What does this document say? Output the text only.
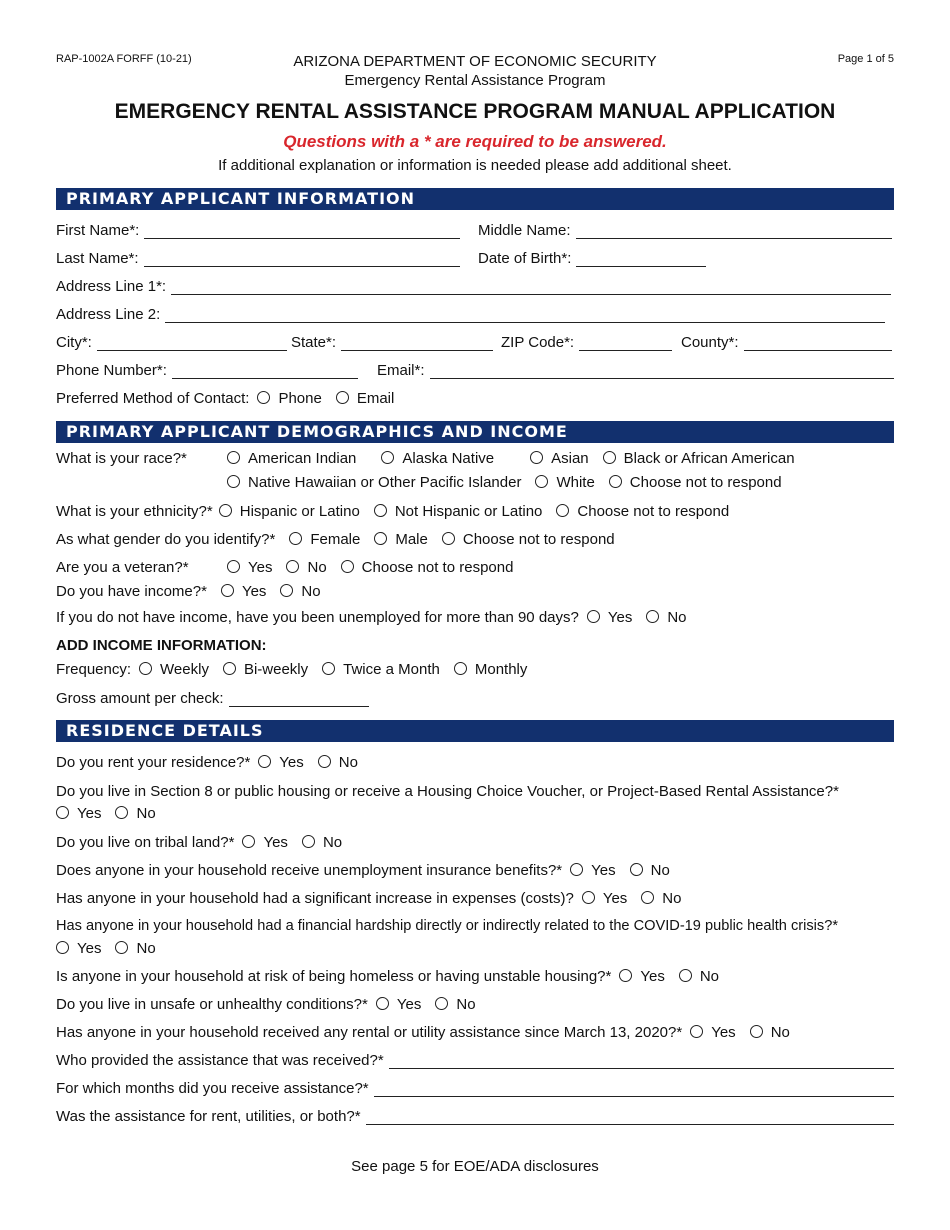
RAP-1002A FORFF (10-21)	ARIZONA DEPARTMENT OF ECONOMIC SECURITY	Page 1 of 5
Emergency Rental Assistance Program
EMERGENCY RENTAL ASSISTANCE PROGRAM MANUAL APPLICATION
Questions with a * are required to be answered.
If additional explanation or information is needed please add additional sheet.
PRIMARY APPLICANT INFORMATION
First Name*:	Middle Name:
Last Name*:	Date of Birth*:
Address Line 1*:
Address Line 2:
City*:	State*:	ZIP Code*:	County*:
Phone Number*:	Email*:
Preferred Method of Contact:	Phone	Email
PRIMARY APPLICANT DEMOGRAPHICS AND INCOME
What is your race?*	American Indian	Alaska Native	Asian	Black or African American
Native Hawaiian or Other Pacific Islander	White	Choose not to respond
What is your ethnicity?*	Hispanic or Latino	Not Hispanic or Latino	Choose not to respond
As what gender do you identify?*	Female	Male	Choose not to respond
Are you a veteran?*	Yes	No	Choose not to respond
Do you have income?*	Yes	No
If you do not have income, have you been unemployed for more than 90 days?	Yes	No
ADD INCOME INFORMATION:
Frequency:	Weekly	Bi-weekly	Twice a Month	Monthly
Gross amount per check:
RESIDENCE DETAILS
Do you rent your residence?*	Yes	No
Do you live in Section 8 or public housing or receive a Housing Choice Voucher, or Project-Based Rental Assistance?*
Yes	No
Do you live on tribal land?*	Yes	No
Does anyone in your household receive unemployment insurance benefits?*	Yes	No
Has anyone in your household had a significant increase in expenses (costs)?	Yes	No
Has anyone in your household had a financial hardship directly or indirectly related to the COVID-19 public health crisis?*
Yes	No
Is anyone in your household at risk of being homeless or having unstable housing?*	Yes	No
Do you live in unsafe or unhealthy conditions?*	Yes	No
Has anyone in your household received any rental or utility assistance since March 13, 2020?*	Yes	No
Who provided the assistance that was received?*
For which months did you receive assistance?*
Was the assistance for rent, utilities, or both?*
See page 5 for EOE/ADA disclosures
